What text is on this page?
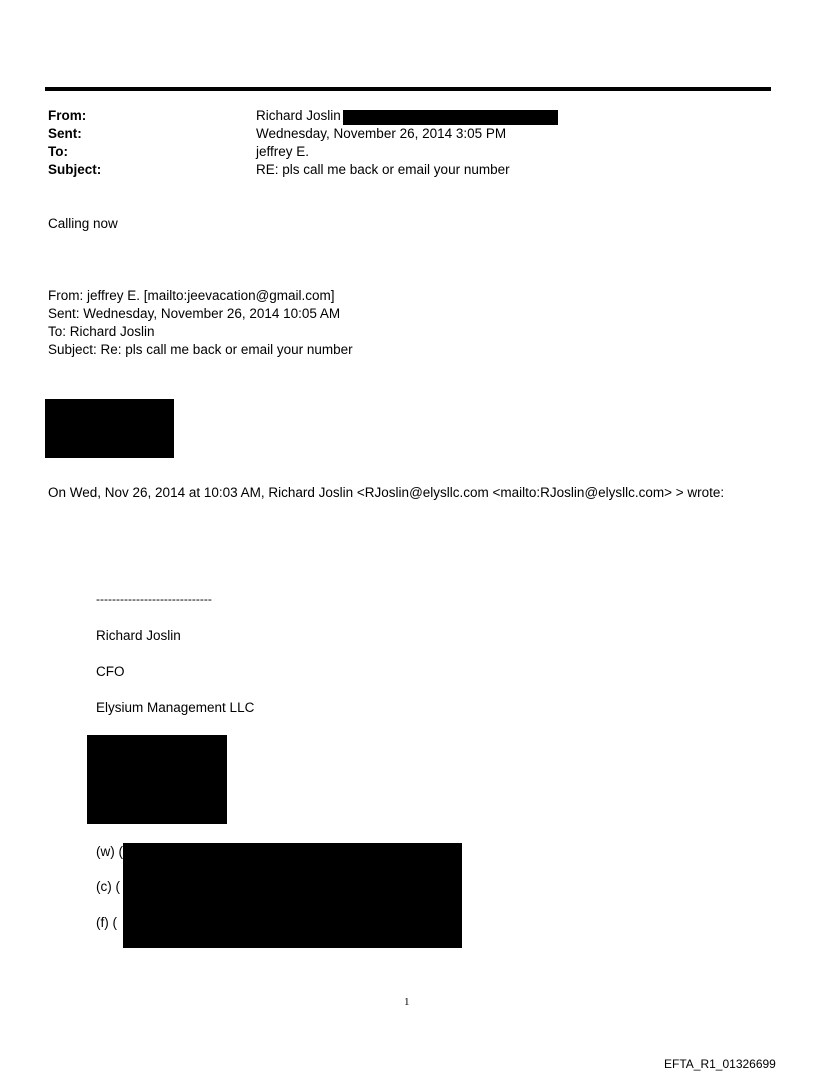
From:	Richard Joslin
Sent:	Wednesday, November 26, 2014 3:05 PM
To:	jeffrey E.
Subject:	RE: pls call me back or email your number
Calling now
From: jeffrey E. [mailto:jeevacation@gmail.com]
Sent: Wednesday, November 26, 2014 10:05 AM
To: Richard Joslin
Subject: Re: pls call me back or email your number
On Wed, Nov 26, 2014 at 10:03 AM, Richard Joslin <RJoslin@elysllc.com <mailto:RJoslin@elysllc.com> > wrote:
-----------------------------
Richard Joslin
CFO
Elysium Management LLC
(w) (
(c) (
(f) (
1
EFTA_R1_01326699
